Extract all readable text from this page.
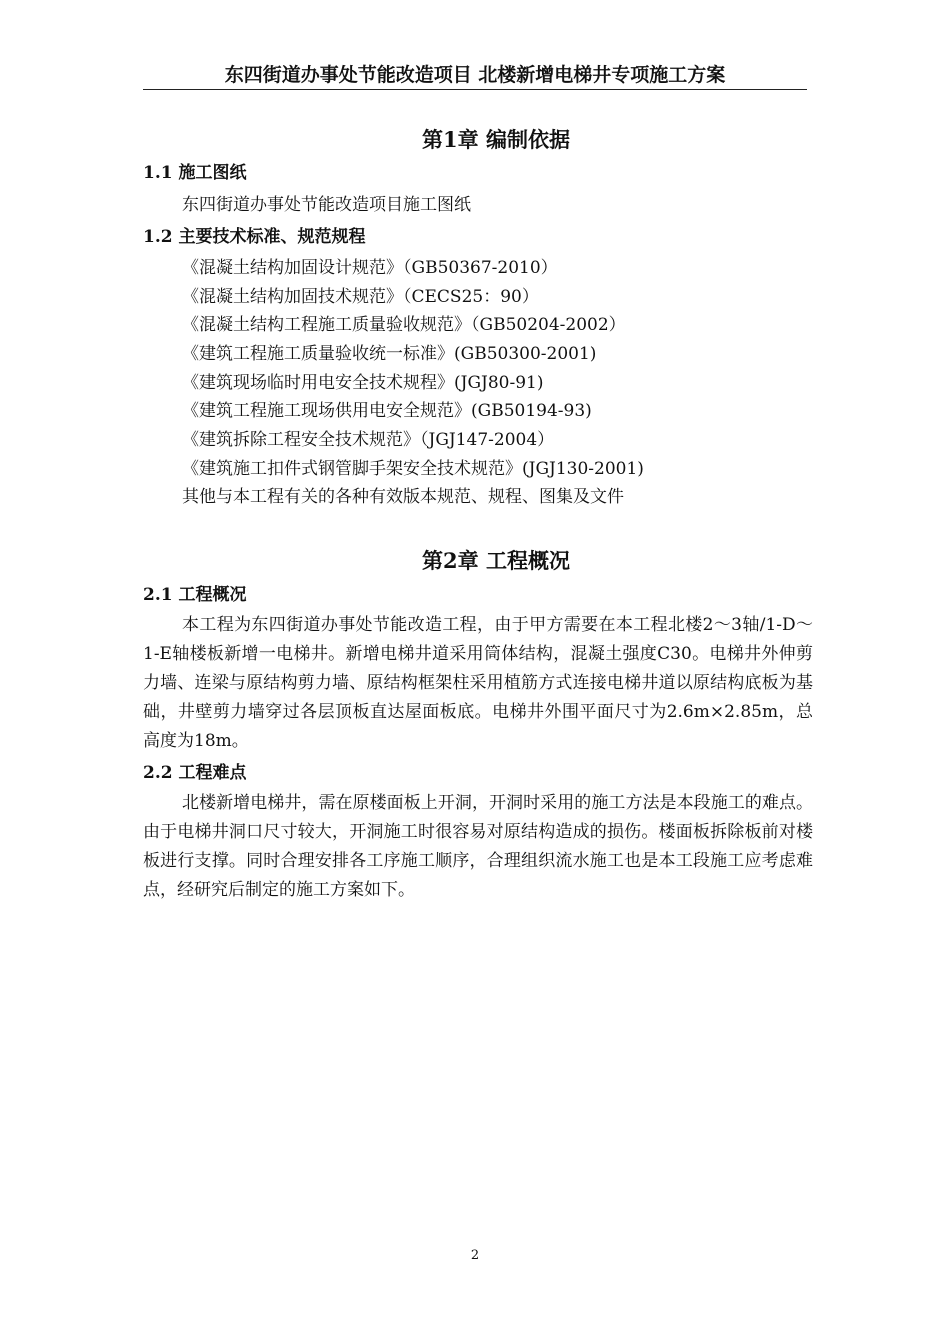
东四街道办事处节能改造项目 北楼新增电梯井专项施工方案
第1章 编制依据
1.1 施工图纸
东四街道办事处节能改造项目施工图纸
1.2 主要技术标准、规范规程
《混凝土结构加固设计规范》（GB50367-2010）
《混凝土结构加固技术规范》（CECS25：90）
《混凝土结构工程施工质量验收规范》（GB50204-2002）
《建筑工程施工质量验收统一标准》(GB50300-2001)
《建筑现场临时用电安全技术规程》(JGJ80-91)
《建筑工程施工现场供用电安全规范》(GB50194-93)
《建筑拆除工程安全技术规范》（JGJ147-2004）
《建筑施工扣件式钢管脚手架安全技术规范》(JGJ130-2001)
其他与本工程有关的各种有效版本规范、规程、图集及文件
第2章 工程概况
2.1 工程概况
本工程为东四街道办事处节能改造工程，由于甲方需要在本工程北楼2～3轴/1-D～1-E轴楼板新增一电梯井。新增电梯井道采用筒体结构，混凝土强度C30。电梯井外伸剪力墙、连梁与原结构剪力墙、原结构框架柱采用植筋方式连接电梯井道以原结构底板为基础，井壁剪力墙穿过各层顶板直达屋面板底。电梯井外围平面尺寸为2.6m×2.85m，总高度为18m。
2.2 工程难点
北楼新增电梯井，需在原楼面板上开洞，开洞时采用的施工方法是本段施工的难点。由于电梯井洞口尺寸较大，开洞施工时很容易对原结构造成的损伤。楼面板拆除板前对楼板进行支撑。同时合理安排各工序施工顺序，合理组织流水施工也是本工段施工应考虑难点，经研究后制定的施工方案如下。
2
